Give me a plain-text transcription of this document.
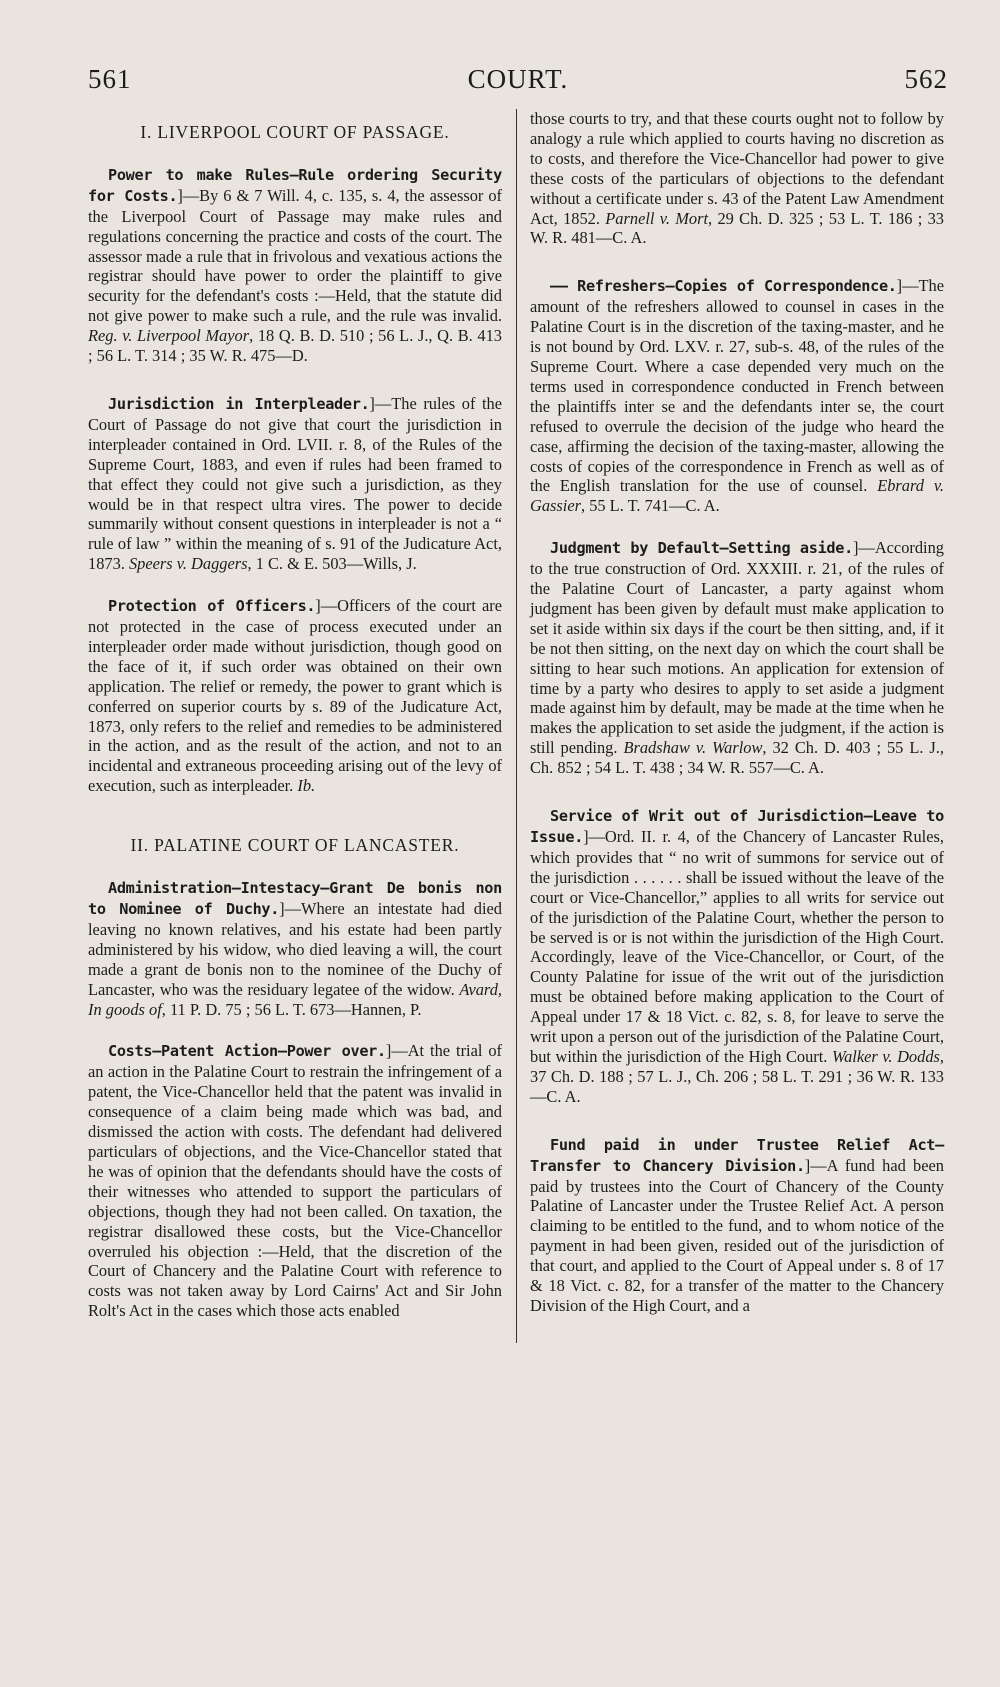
561	COURT.	562
I. LIVERPOOL COURT OF PASSAGE.

Power to make Rules—Rule ordering Security for Costs.]—By 6 & 7 Will. 4, c. 135, s. 4, the assessor of the Liverpool Court of Passage may make rules and regulations concerning the practice and costs of the court. The assessor made a rule that in frivolous and vexatious actions the registrar should have power to order the plaintiff to give security for the defendant's costs :—Held, that the statute did not give power to make such a rule, and the rule was invalid. Reg. v. Liverpool Mayor, 18 Q. B. D. 510 ; 56 L. J., Q. B. 413 ; 56 L. T. 314 ; 35 W. R. 475—D.

Jurisdiction in Interpleader.]—The rules of the Court of Passage do not give that court the jurisdiction in interpleader contained in Ord. LVII. r. 8, of the Rules of the Supreme Court, 1883, and even if rules had been framed to that effect they could not give such a jurisdiction, as they would be in that respect ultra vires. The power to decide summarily without consent questions in interpleader is not a “ rule of law ” within the meaning of s. 91 of the Judicature Act, 1873. Speers v. Daggers, 1 C. & E. 503—Wills, J.

Protection of Officers.]—Officers of the court are not protected in the case of process executed under an interpleader order made without jurisdiction, though good on the face of it, if such order was obtained on their own application. The relief or remedy, the power to grant which is conferred on superior courts by s. 89 of the Judicature Act, 1873, only refers to the relief and remedies to be administered in the action, and as the result of the action, and not to an incidental and extraneous proceeding arising out of the levy of execution, such as interpleader. Ib.

II. PALATINE COURT OF LANCASTER.

Administration—Intestacy—Grant De bonis non to Nominee of Duchy.]—Where an intestate had died leaving no known relatives, and his estate had been partly administered by his widow, who died leaving a will, the court made a grant de bonis non to the nominee of the Duchy of Lancaster, who was the residuary legatee of the widow. Avard, In goods of, 11 P. D. 75 ; 56 L. T. 673—Hannen, P.

Costs—Patent Action—Power over.]—At the trial of an action in the Palatine Court to restrain the infringement of a patent, the Vice-Chancellor held that the patent was invalid in consequence of a claim being made which was bad, and dismissed the action with costs. The defendant had delivered particulars of objections, and the Vice-Chancellor stated that he was of opinion that the defendants should have the costs of their witnesses who attended to support the particulars of objections, though they had not been called. On taxation, the registrar disallowed these costs, but the Vice-Chancellor overruled his objection :—Held, that the discretion of the Court of Chancery and the Palatine Court with reference to costs was not taken away by Lord Cairns' Act and Sir John Rolt's Act in the cases which those acts enabled

those courts to try, and that these courts ought not to follow by analogy a rule which applied to courts having no discretion as to costs, and therefore the Vice-Chancellor had power to give these costs of the particulars of objections to the defendant without a certificate under s. 43 of the Patent Law Amendment Act, 1852. Parnell v. Mort, 29 Ch. D. 325 ; 53 L. T. 186 ; 33 W. R. 481—C. A.

—— Refreshers—Copies of Correspondence.]—The amount of the refreshers allowed to counsel in cases in the Palatine Court is in the discretion of the taxing-master, and he is not bound by Ord. LXV. r. 27, sub-s. 48, of the rules of the Supreme Court. Where a case depended very much on the terms used in correspondence conducted in French between the plaintiffs inter se and the defendants inter se, the court refused to overrule the decision of the judge who heard the case, affirming the decision of the taxing-master, allowing the costs of copies of the correspondence in French as well as of the English translation for the use of counsel. Ebrard v. Gassier, 55 L. T. 741—C. A.

Judgment by Default—Setting aside.]—According to the true construction of Ord. XXXIII. r. 21, of the rules of the Palatine Court of Lancaster, a party against whom judgment has been given by default must make application to set it aside within six days if the court be then sitting, and, if it be not then sitting, on the next day on which the court shall be sitting to hear such motions. An application for extension of time by a party who desires to apply to set aside a judgment made against him by default, may be made at the time when he makes the application to set aside the judgment, if the action is still pending. Bradshaw v. Warlow, 32 Ch. D. 403 ; 55 L. J., Ch. 852 ; 54 L. T. 438 ; 34 W. R. 557—C. A.

Service of Writ out of Jurisdiction—Leave to Issue.]—Ord. II. r. 4, of the Chancery of Lancaster Rules, which provides that “ no writ of summons for service out of the jurisdiction . . . . . . shall be issued without the leave of the court or Vice-Chancellor,” applies to all writs for service out of the jurisdiction of the Palatine Court, whether the person to be served is or is not within the jurisdiction of the High Court. Accordingly, leave of the Vice-Chancellor, or Court, of the County Palatine for issue of the writ out of the jurisdiction must be obtained before making application to the Court of Appeal under 17 & 18 Vict. c. 82, s. 8, for leave to serve the writ upon a person out of the jurisdiction of the Palatine Court, but within the jurisdiction of the High Court. Walker v. Dodds, 37 Ch. D. 188 ; 57 L. J., Ch. 206 ; 58 L. T. 291 ; 36 W. R. 133—C. A.

Fund paid in under Trustee Relief Act—Transfer to Chancery Division.]—A fund had been paid by trustees into the Court of Chancery of the County Palatine of Lancaster under the Trustee Relief Act. A person claiming to be entitled to the fund, and to whom notice of the payment in had been given, resided out of the jurisdiction of that court, and applied to the Court of Appeal under s. 8 of 17 & 18 Vict. c. 82, for a transfer of the matter to the Chancery Division of the High Court, and a
